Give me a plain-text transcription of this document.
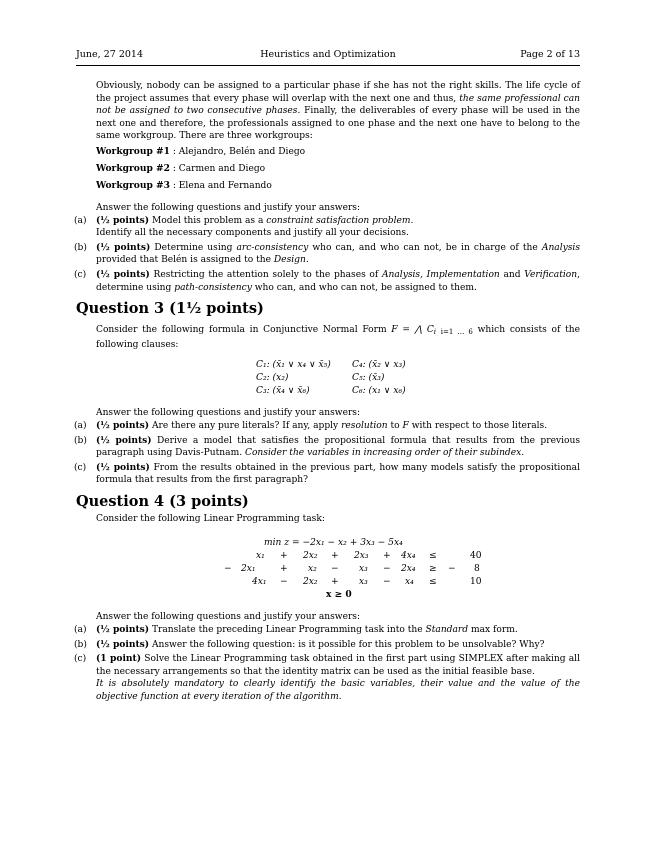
June, 27 2014	Heuristics and Optimization	Page 2 of 13

Obviously, nobody can be assigned to a particular phase if she has not the right skills. The life cycle of the project assumes that every phase will overlap with the next one and thus, the same professional can not be assigned to two consecutive phases. Finally, the deliverables of every phase will be used in the next one and therefore, the professionals assigned to one phase and the next one have to belong to the same workgroup. There are three workgroups:

Workgroup #1 : Alejandro, Belén and Diego
Workgroup #2 : Carmen and Diego
Workgroup #3 : Elena and Fernando

Answer the following questions and justify your answers:

(a)	(½ points) Model this problem as a constraint satisfaction problem.
Identify all the necessary components and justify all your decisions.
(b) (½ points) Determine using arc-consistency who can, and who can not, be in charge of the Analysis provided that Belén is assigned to the Design.
(c)	(½ points) Restricting the attention solely to the phases of Analysis, Implementation and Verification, determine using path-consistency who can, and who can not, be assigned to them.
Question 3 (1½ points)

Consider the following formula in Conjunctive Normal Form F = ⋀ $C_i$ $_{i=1 \dots 6}$ which consists of the following clauses:

C₁: (x̄₁ ∨ x₄ ∨ x̄₅)
C₂: (x₂)
C₃: (x̄₄ ∨ x̄₆)
C₄: (x̄₂ ∨ x₃)
C₅: (x̄₃)
C₆: (x₁ ∨ x₆)

Answer the following questions and justify your answers:

(a)	(½ points) Are there any pure literals? If any, apply resolution to F with respect to those literals.
(b) (½ points) Derive a model that satisfies the propositional formula that results from the previous paragraph using Davis-Putnam. Consider the variables in increasing order of their subindex.
(c)	(½ points) From the results obtained in the previous part, how many models satisfy the propositional formula that results from the first paragraph?
Question 4 (3 points)

Consider the following Linear Programming task:

min z = −2x₁ − x₂ + 3x₃ − 5x₄
x₁ + 2x₂ + 2x₃ + 4x₄ ≤	40
− 2x₁	+ x₂ − x₃ − 2x₄ ≥ − 8
4x₁ − 2x₂ + x₃ − x₄ ≤	10
x ≥ 0

Answer the following questions and justify your answers:

(a)	(½ points) Translate the preceding Linear Programming task into the Standard max form.
(b) (½ points) Answer the following question: is it possible for this problem to be unsolvable? Why?
(c)	(1 point) Solve the Linear Programming task obtained in the first part using SIMPLEX after making all the necessary arrangements so that the identity matrix can be used as the initial feasible base.
It is absolutely mandatory to clearly identify the basic variables, their value and the value of the objective function at every iteration of the algorithm.
